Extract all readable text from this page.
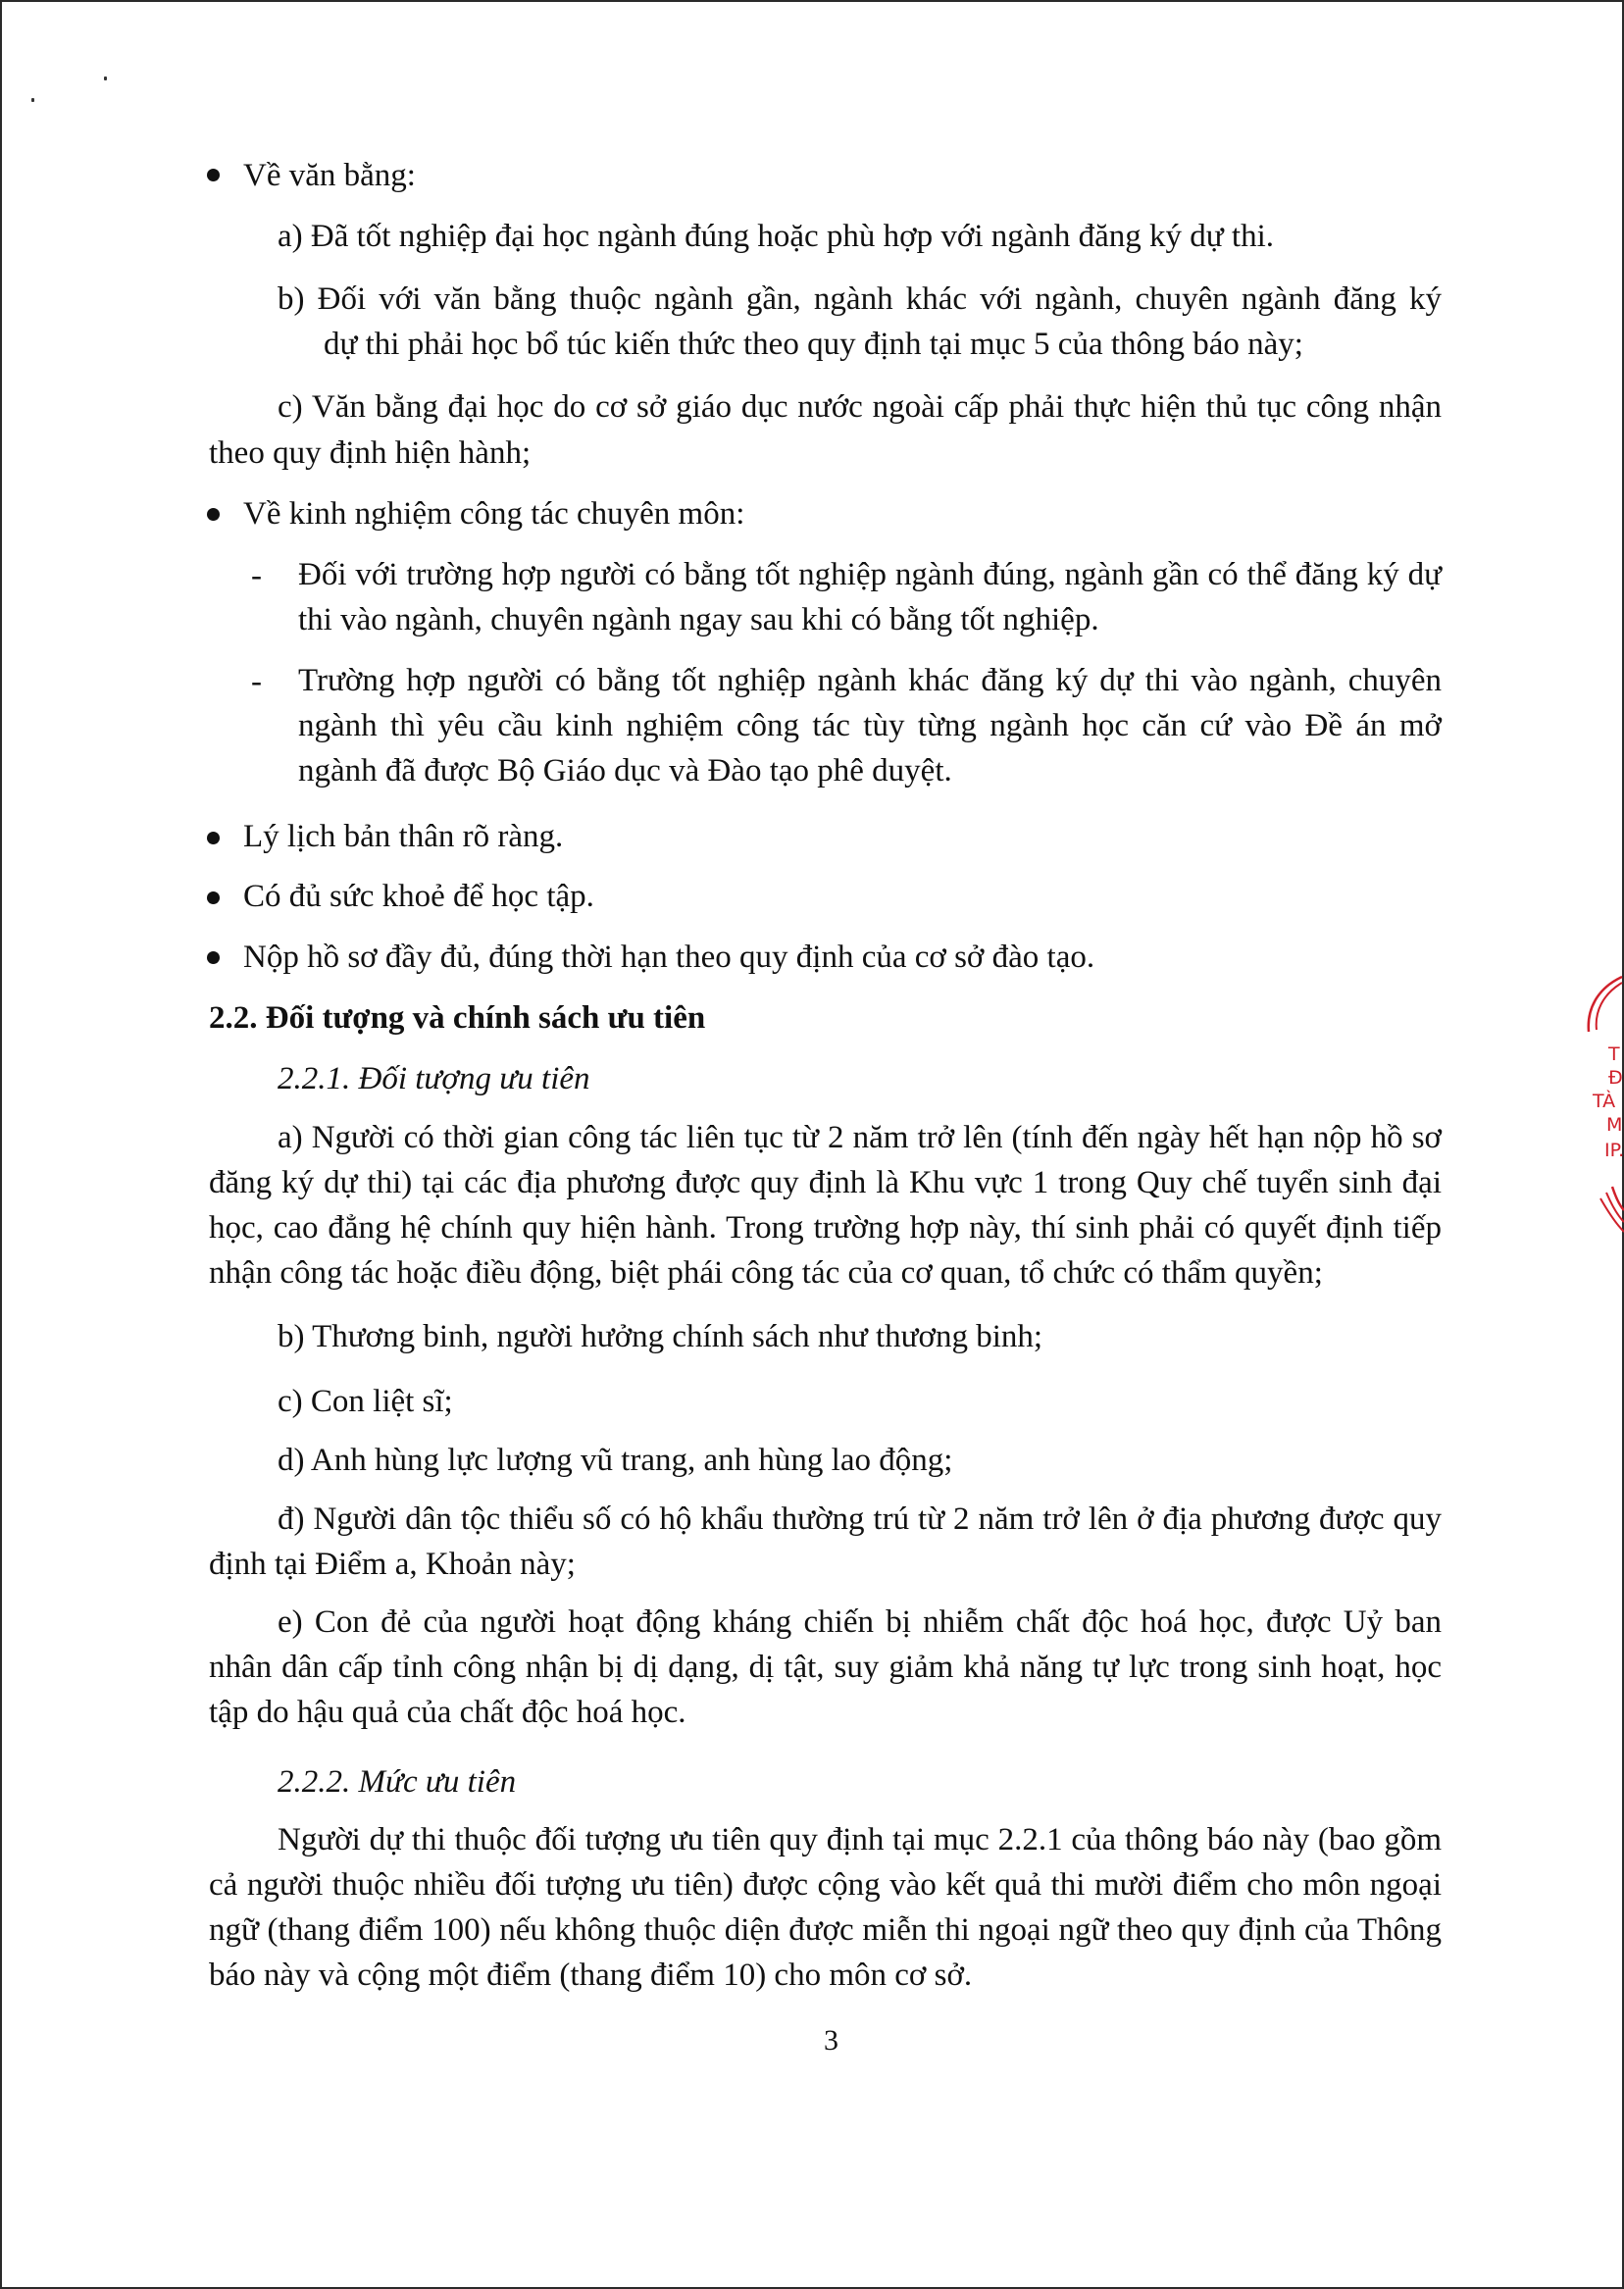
Về văn bằng:
a) Đã tốt nghiệp đại học ngành đúng hoặc phù hợp với ngành đăng ký dự thi.
b) Đối với văn bằng thuộc ngành gần, ngành khác với ngành, chuyên ngành đăng ký
dự thi phải học bổ túc kiến thức theo quy định tại mục 5 của thông báo này;
c) Văn bằng đại học do cơ sở giáo dục nước ngoài cấp phải thực hiện thủ tục công nhận theo quy định hiện hành;
Về kinh nghiệm công tác chuyên môn:
- Đối với trường hợp người có bằng tốt nghiệp ngành đúng, ngành gần có thể đăng ký dự thi vào ngành, chuyên ngành ngay sau khi có bằng tốt nghiệp.
- Trường hợp người có bằng tốt nghiệp ngành khác đăng ký dự thi vào ngành, chuyên ngành thì yêu cầu kinh nghiệm công tác tùy từng ngành học căn cứ vào Đề án mở ngành đã được Bộ Giáo dục và Đào tạo phê duyệt.
Lý lịch bản thân rõ ràng.
Có đủ sức khoẻ để học tập.
Nộp hồ sơ đầy đủ, đúng thời hạn theo quy định của cơ sở đào tạo.
2.2. Đối tượng và chính sách ưu tiên
2.2.1. Đối tượng ưu tiên
a) Người có thời gian công tác liên tục từ 2 năm trở lên (tính đến ngày hết hạn nộp hồ sơ đăng ký dự thi) tại các địa phương được quy định là Khu vực 1 trong Quy chế tuyển sinh đại học, cao đẳng hệ chính quy hiện hành. Trong trường hợp này, thí sinh phải có quyết định tiếp nhận công tác hoặc điều động, biệt phái công tác của cơ quan, tổ chức có thẩm quyền;
b) Thương binh, người hưởng chính sách như thương binh;
c) Con liệt sĩ;
d) Anh hùng lực lượng vũ trang, anh hùng lao động;
đ) Người dân tộc thiểu số có hộ khẩu thường trú từ 2 năm trở lên ở địa phương được quy định tại Điểm a, Khoản này;
e) Con đẻ của người hoạt động kháng chiến bị nhiễm chất độc hoá học, được Uỷ ban nhân dân cấp tỉnh công nhận bị dị dạng, dị tật, suy giảm khả năng tự lực trong sinh hoạt, học tập do hậu quả của chất độc hoá học.
2.2.2. Mức ưu tiên
Người dự thi thuộc đối tượng ưu tiên quy định tại mục 2.2.1 của thông báo này (bao gồm cả người thuộc nhiều đối tượng ưu tiên) được cộng vào kết quả thi mười điểm cho môn ngoại ngữ (thang điểm 100) nếu không thuộc diện được miễn thi ngoại ngữ theo quy định của Thông báo này và cộng một điểm (thang điểm 10) cho môn cơ sở.
3
T
Đ
TÀ
M
IP.
